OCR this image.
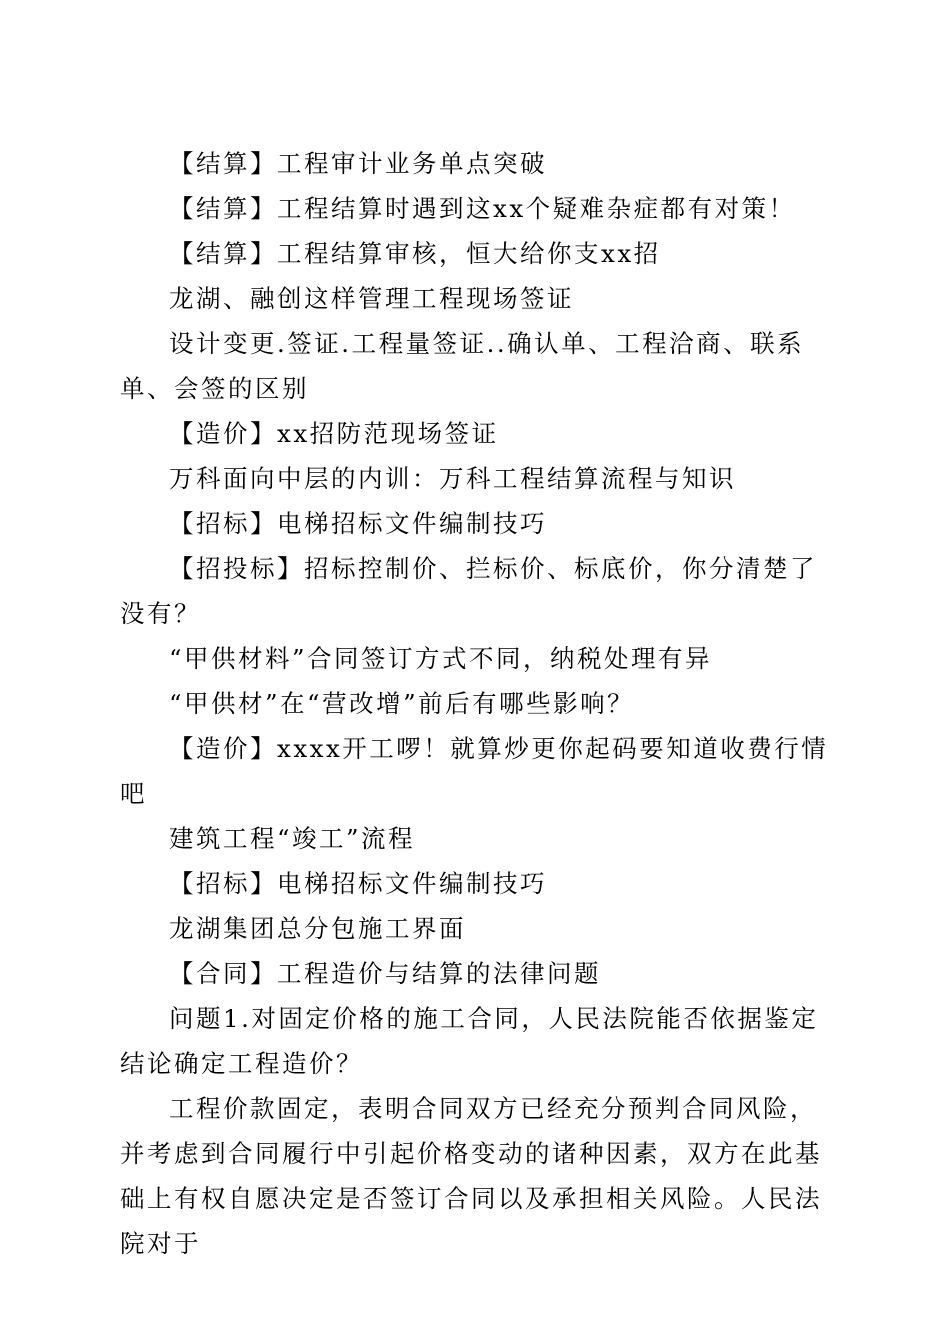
【结算】工程审计业务单点突破

【结算】工程结算时遇到这xx个疑难杂症都有对策！

【结算】工程结算审核，恒大给你支xx招

龙湖、融创这样管理工程现场签证

设计变更.签证.工程量签证..确认单、工程洽商、联系单、会签的区别

【造价】xx招防范现场签证

万科面向中层的内训：万科工程结算流程与知识

【招标】电梯招标文件编制技巧

【招投标】招标控制价、拦标价、标底价，你分清楚了没有？

“甲供材料”合同签订方式不同，纳税处理有异

“甲供材”在“营改增”前后有哪些影响？

【造价】xxxx开工啰！就算炒更你起码要知道收费行情吧

建筑工程“竣工”流程

【招标】电梯招标文件编制技巧

龙湖集团总分包施工界面

【合同】工程造价与结算的法律问题

问题1.对固定价格的施工合同，人民法院能否依据鉴定结论确定工程造价？

工程价款固定，表明合同双方已经充分预判合同风险，并考虑到合同履行中引起价格变动的诸种因素，双方在此基础上有权自愿决定是否签订合同以及承担相关风险。人民法院对于
